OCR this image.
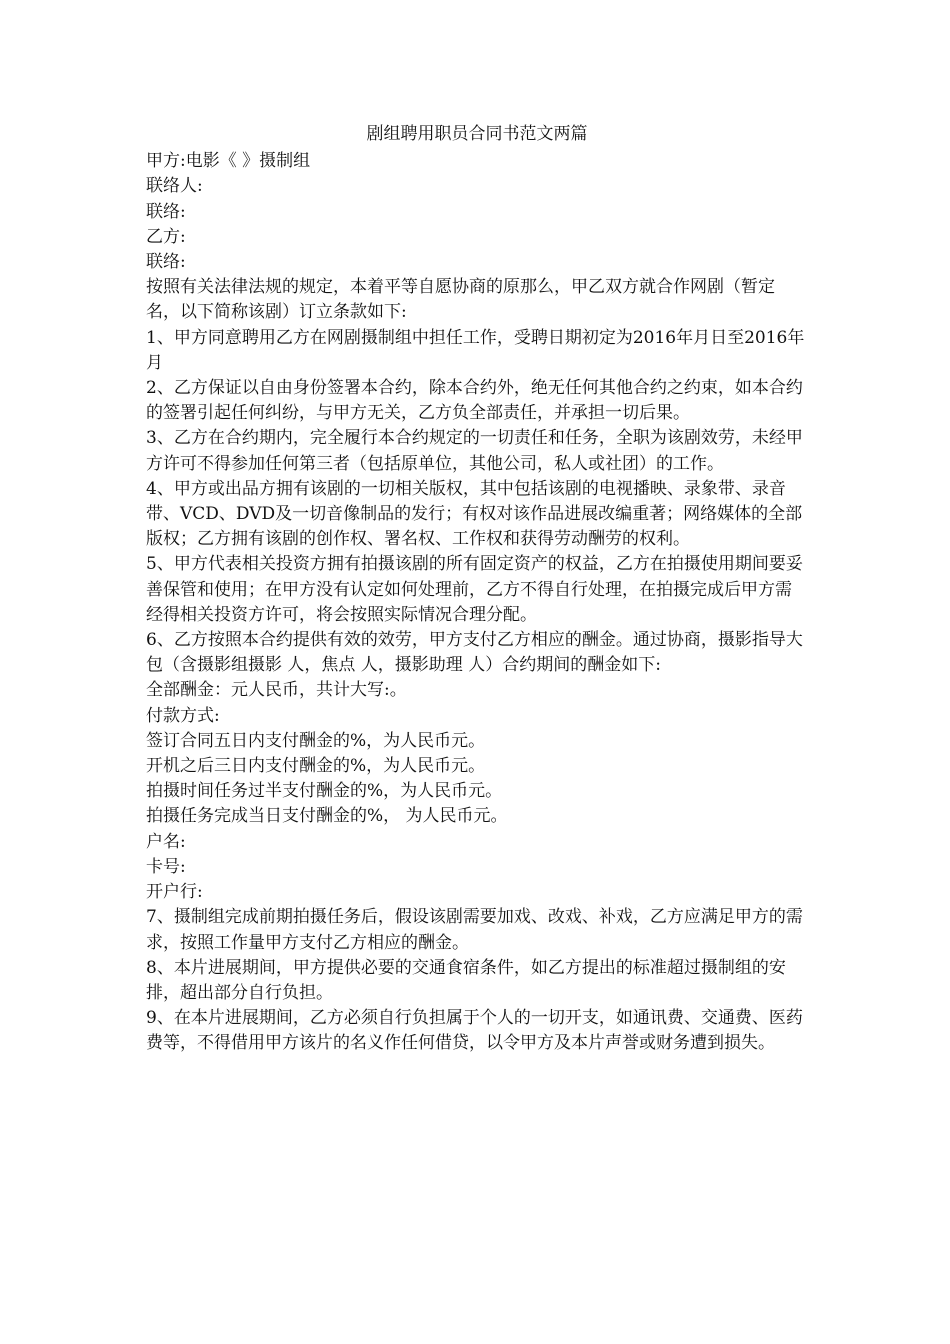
剧组聘用职员合同书范文两篇

甲方:电影《 》摄制组

联络人:

联络:

乙方:

联络:

按照有关法律法规的规定，本着平等自愿协商的原那么，甲乙双方就合作网剧（暂定名，以下简称该剧）订立条款如下:

1、甲方同意聘用乙方在网剧摄制组中担任工作，受聘日期初定为2016年月日至2016年月

2、乙方保证以自由身份签署本合约，除本合约外，绝无任何其他合约之约束，如本合约的签署引起任何纠纷，与甲方无关，乙方负全部责任，并承担一切后果。

3、乙方在合约期内，完全履行本合约规定的一切责任和任务，全职为该剧效劳，未经甲方许可不得参加任何第三者（包括原单位，其他公司，私人或社团）的工作。

4、甲方或出品方拥有该剧的一切相关版权，其中包括该剧的电视播映、录象带、录音带、VCD、DVD及一切音像制品的发行；有权对该作品进展改编重著；网络媒体的全部版权；乙方拥有该剧的创作权、署名权、工作权和获得劳动酬劳的权利。

5、甲方代表相关投资方拥有拍摄该剧的所有固定资产的权益，乙方在拍摄使用期间要妥善保管和使用；在甲方没有认定如何处理前，乙方不得自行处理，在拍摄完成后甲方需经得相关投资方许可，将会按照实际情况合理分配。

6、乙方按照本合约提供有效的效劳，甲方支付乙方相应的酬金。通过协商，摄影指导大包（含摄影组摄影 人，焦点 人，摄影助理 人）合约期间的酬金如下:

全部酬金：元人民币，共计大写:。

付款方式:

签订合同五日内支付酬金的%，为人民币元。

开机之后三日内支付酬金的%，为人民币元。

拍摄时间任务过半支付酬金的%，为人民币元。

拍摄任务完成当日支付酬金的%， 为人民币元。

户名:

卡号:

开户行:

7、摄制组完成前期拍摄任务后，假设该剧需要加戏、改戏、补戏，乙方应满足甲方的需求，按照工作量甲方支付乙方相应的酬金。

8、本片进展期间，甲方提供必要的交通食宿条件，如乙方提出的标准超过摄制组的安排，超出部分自行负担。

9、在本片进展期间，乙方必须自行负担属于个人的一切开支，如通讯费、交通费、医药费等，不得借用甲方该片的名义作任何借贷，以令甲方及本片声誉或财务遭到损失。
